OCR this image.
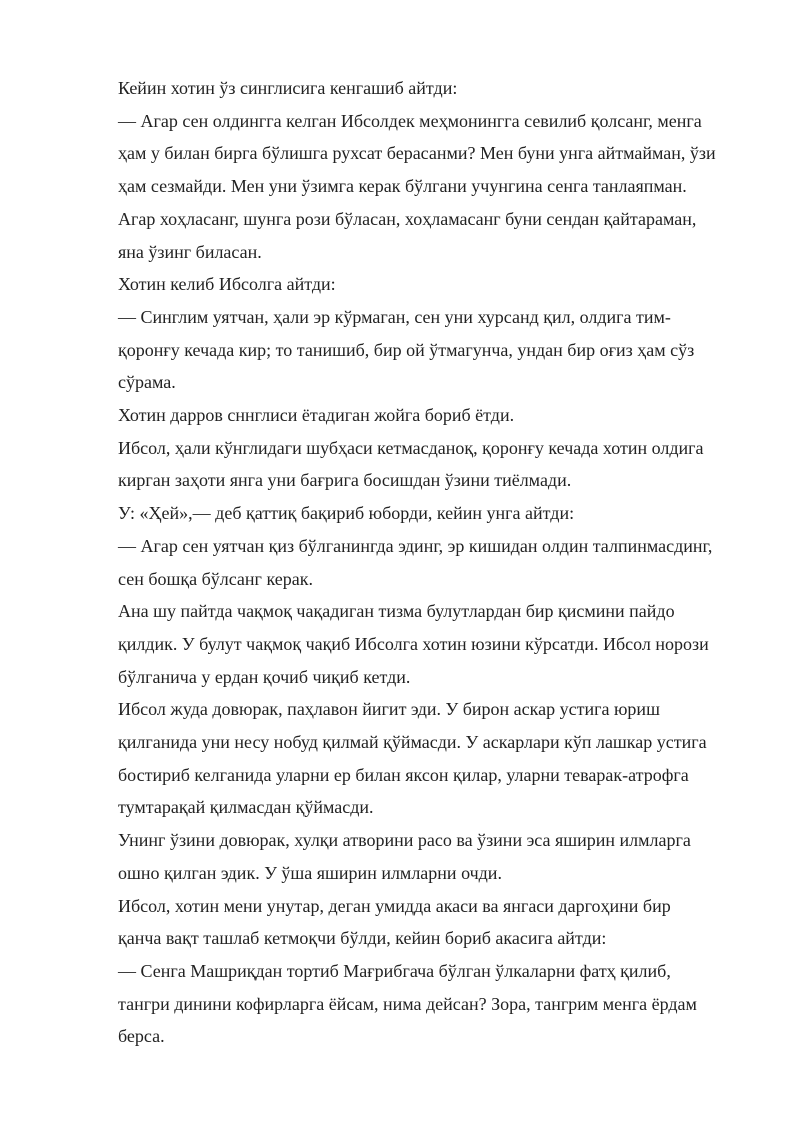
Кейин хотин ўз синглисига кенгашиб айтди:
— Агар сен олдингга келган Ибсолдек меҳмонингга севилиб қолсанг, менга
ҳам у билан бирга бўлишга рухсат берасанми? Мен буни унга айтмайман, ўзи
ҳам сезмайди. Мен уни ўзимга керак бўлгани учунгина сенга танлаяпман.
Агар хоҳласанг, шунга рози бўласан, хоҳламасанг буни сендан қайтараман,
яна ўзинг биласан.
Хотин келиб Ибсолга айтди:
— Синглим уятчан, ҳали эр кўрмаган, сен уни хурсанд қил, олдига тим-
қоронғу кечада кир; то танишиб, бир ой ўтмагунча, ундан бир оғиз ҳам сўз
сўрама.
Хотин дарров сннглиси ётадиган жойга бориб ётди.
Ибсол, ҳали кўнглидаги шубҳаси кетмасданоқ, қоронғу кечада хотин олдига
кирган заҳоти янга уни бағрига босишдан ўзини тиёлмади.
У: «Ҳей»,— деб қаттиқ бақириб юборди, кейин унга айтди:
— Агар сен уятчан қиз бўлганингда эдинг, эр кишидан олдин талпинмасдинг,
сен бошқа бўлсанг керак.
Ана шу пайтда чақмоқ чақадиган тизма булутлардан бир қисмини пайдо
қилдик. У булут чақмоқ чақиб Ибсолга хотин юзини кўрсатди. Ибсол норози
бўлганича у ердан қочиб чиқиб кетди.
Ибсол жуда довюрак, паҳлавон йигит эди. У бирон аскар устига юриш
қилганида уни несу нобуд қилмай қўймасди. У аскарлари кўп лашкар устига
бостириб келганида уларни ер билан яксон қилар, уларни теварак-атрофга
тумтарақай қилмасдан қўймасди.
Унинг ўзини довюрак, хулқи атворини расо ва ўзини эса яширин илмларга
ошно қилган эдик. У ўша яширин илмларни очди.
Ибсол, хотин мени унутар, деган умидда акаси ва янгаси даргоҳини бир
қанча вақт ташлаб кетмоқчи бўлди, кейин бориб акасига айтди:
— Сенга Машриқдан тортиб Мағрибгача бўлган ўлкаларни фатҳ қилиб,
тангри динини кофирларга ёйсам, нима дейсан? Зора, тангрим менга ёрдам
берса.
